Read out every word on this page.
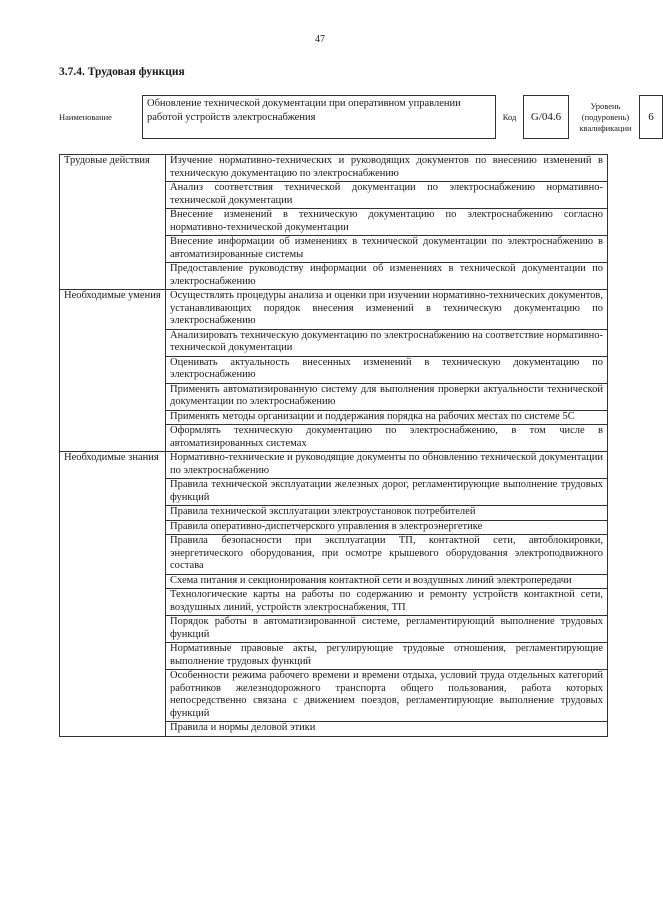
47
3.7.4. Трудовая функция
Наименование
Обновление технической документации при оперативном управлении работой устройств электроснабжения	Код	G/04.6
Уровень (подуровень) квалификации
6
Трудовые действия	Изучение нормативно-технических и руководящих документов по внесению изменений в техническую документацию по электроснабжению
	Анализ соответствия технической документации по электроснабжению нормативно-технической документации
	Внесение изменений в техническую документацию по электроснабжению согласно нормативно-технической документации
	Внесение информации об изменениях в технической документации по электроснабжению в автоматизированные системы
	Предоставление руководству информации об изменениях в технической документации по электроснабжению
Необходимые умения	Осуществлять процедуры анализа и оценки при изучении нормативно-технических документов, устанавливающих порядок внесения изменений в техническую документацию по электроснабжению
	Анализировать техническую документацию по электроснабжению на соответствие нормативно-технической документации
	Оценивать актуальность внесенных изменений в техническую документацию по электроснабжению
	Применять автоматизированную систему для выполнения проверки актуальности технической документации по электроснабжению
	Применять методы организации и поддержания порядка на рабочих местах по системе 5С
	Оформлять техническую документацию по электроснабжению, в том числе в автоматизированных системах
Необходимые знания	Нормативно-технические и руководящие документы по обновлению технической документации по электроснабжению
	Правила технической эксплуатации железных дорог, регламентирующие выполнение трудовых функций
	Правила технической эксплуатации электроустановок потребителей
	Правила оперативно-диспетчерского управления в электроэнергетике
	Правила безопасности при эксплуатации ТП, контактной сети, автоблокировки, энергетического оборудования, при осмотре крышевого оборудования электроподвижного состава
	Схема питания и секционирования контактной сети и воздушных линий электропередачи
	Технологические карты на работы по содержанию и ремонту устройств контактной сети, воздушных линий, устройств электроснабжения, ТП
	Порядок работы в автоматизированной системе, регламентирующий выполнение трудовых функций
	Нормативные правовые акты, регулирующие трудовые отношения, регламентирующие выполнение трудовых функций
	Особенности режима рабочего времени и времени отдыха, условий труда отдельных категорий работников железнодорожного транспорта общего пользования, работа которых непосредственно связана с движением поездов, регламентирующие выполнение трудовых функций
	Правила и нормы деловой этики
